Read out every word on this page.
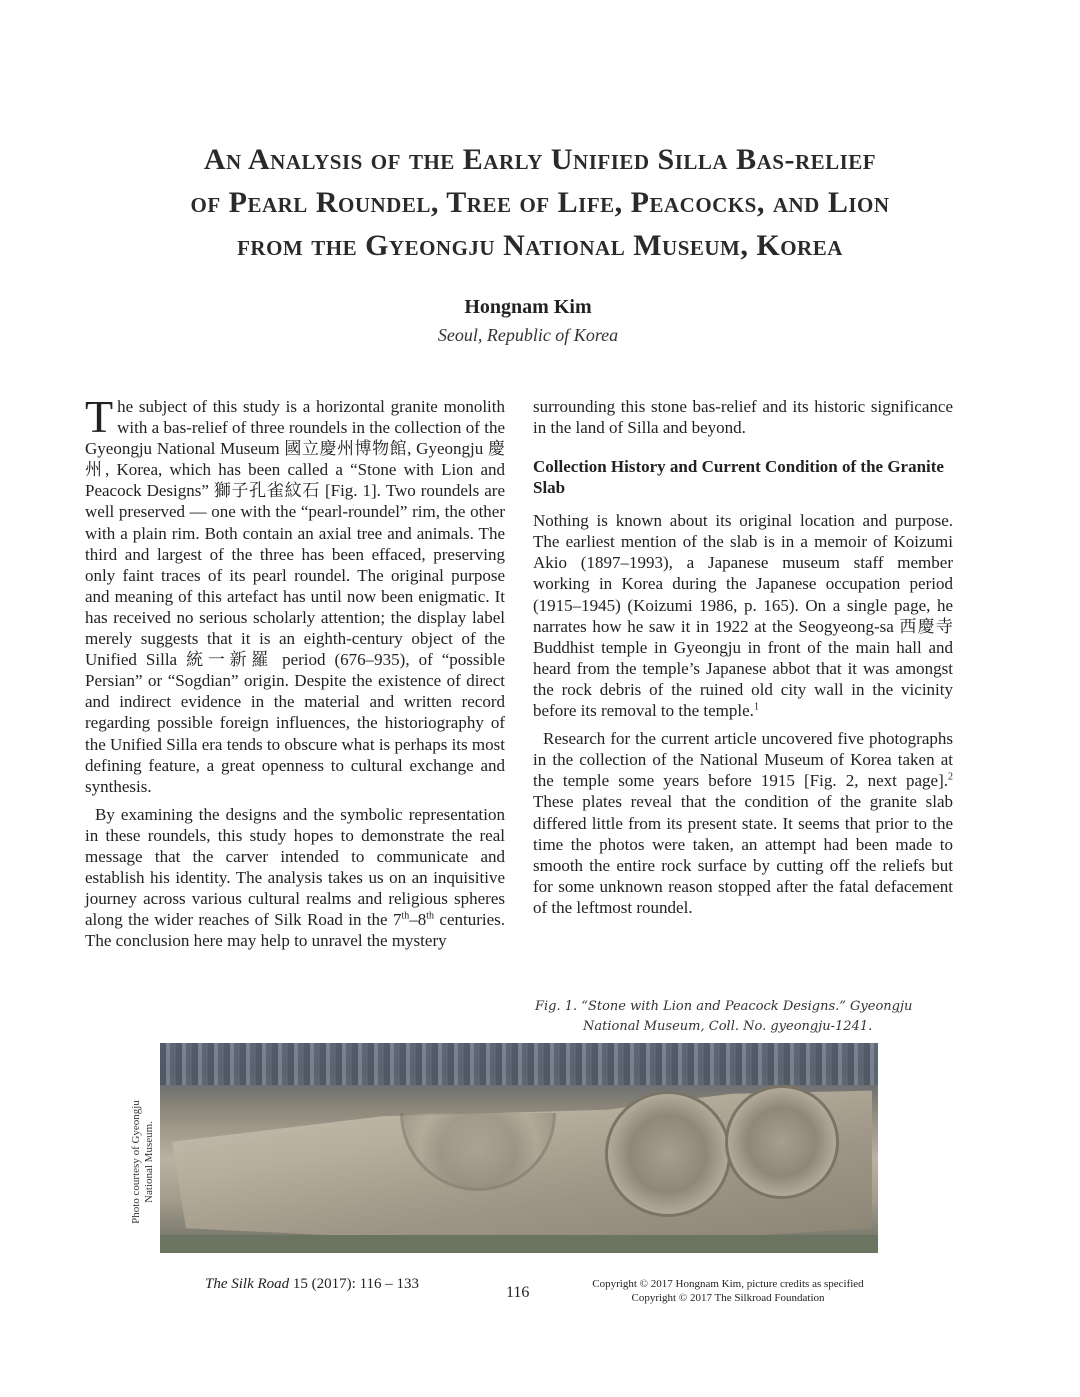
An Analysis of the Early Unified Silla Bas-relief
of Pearl Roundel, Tree of Life, Peacocks, and Lion
from the Gyeongju National Museum, Korea
Hongnam Kim
Seoul, Republic of Korea

The subject of this study is a horizontal granite monolith with a bas-relief of three roundels in the collection of the Gyeongju National Museum 國立慶州博物館, Gyeongju 慶州, Korea, which has been called a “Stone with Lion and Peacock Designs” 獅子孔雀紋石 [Fig. 1]. Two roundels are well preserved — one with the “pearl-roundel” rim, the other with a plain rim. Both contain an axial tree and animals. The third and largest of the three has been effaced, preserving only faint traces of its pearl roundel. The original purpose and meaning of this artefact has until now been enigmatic. It has received no serious scholarly attention; the display label merely suggests that it is an eighth-century object of the Unified Silla 統一新羅 period (676–935), of “possible Persian” or “Sogdian” origin. Despite the existence of direct and indirect evidence in the material and written record regarding possible foreign influences, the historiography of the Unified Silla era tends to obscure what is perhaps its most defining feature, a great openness to cultural exchange and synthesis.

By examining the designs and the symbolic representation in these roundels, this study hopes to demonstrate the real message that the carver intended to communicate and establish his identity. The analysis takes us on an inquisitive journey across various cultural realms and religious spheres along the wider reaches of Silk Road in the 7th–8th centuries. The conclusion here may help to unravel the mystery

surrounding this stone bas-relief and its historic significance in the land of Silla and beyond.

Collection History and Current Condition of the Granite Slab

Nothing is known about its original location and purpose. The earliest mention of the slab is in a memoir of Koizumi Akio (1897–1993), a Japanese museum staff member working in Korea during the Japanese occupation period (1915–1945) (Koizumi 1986, p. 165). On a single page, he narrates how he saw it in 1922 at the Seogyeong-sa 西慶寺 Buddhist temple in Gyeongju in front of the main hall and heard from the temple’s Japanese abbot that it was amongst the rock debris of the ruined old city wall in the vicinity before its removal to the temple.$^1$

Research for the current article uncovered five photographs in the collection of the National Museum of Korea taken at the temple some years before 1915 [Fig. 2, next page].$^2$ These plates reveal that the condition of the granite slab differed little from its present state. It seems that prior to the time the photos were taken, an attempt had been made to smooth the entire rock surface by cutting off the reliefs but for some unknown reason stopped after the fatal defacement of the leftmost roundel.

Fig. 1. “Stone with Lion and Peacock Designs.” Gyeongju
National Museum, Coll. No. gyeongju-1241.
Photo courtesy of Gyeongju National Museum.
The Silk Road 15 (2017): 116 – 133	116	Copyright © 2017 Hongnam Kim, picture credits as specified
Copyright © 2017 The Silkroad Foundation
